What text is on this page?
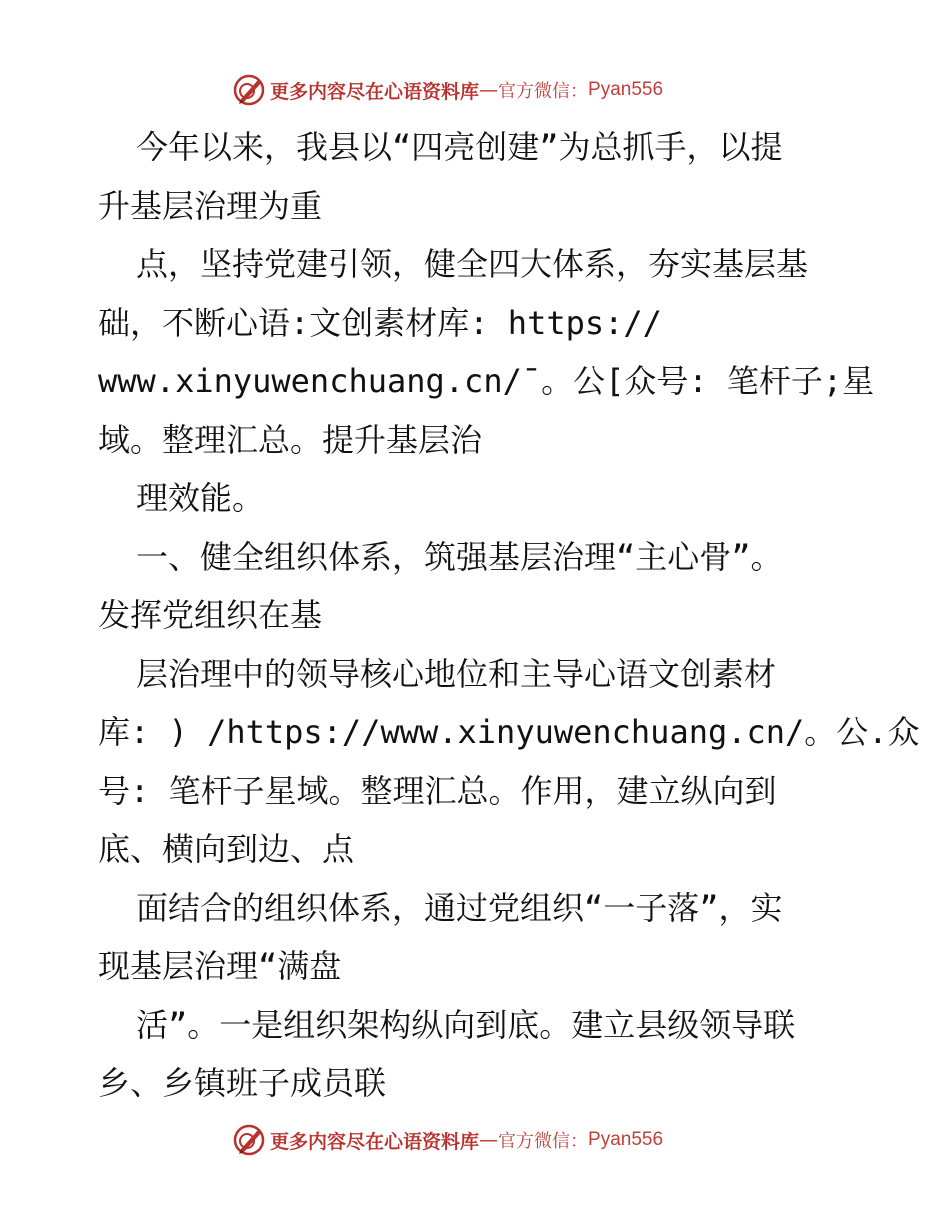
更多内容尽在心语资料库 — 官方微信： Pyan556
今年以来，我县以“四亮创建”为总抓手，以提
升基层治理为重
点，坚持党建引领，健全四大体系，夯实基层基
础，不断心语:文创素材库: https://
www.xinyuwenchuang.cn/¯。公[众号: 笔杆子;星
域。整理汇总。提升基层治
理效能。
一、健全组织体系，筑强基层治理“主心骨”。
发挥党组织在基
层治理中的领导核心地位和主导心语文创素材
库: ) /https://www.xinyuwenchuang.cn/。公.众
号: 笔杆子星域。整理汇总。作用，建立纵向到
底、横向到边、点
面结合的组织体系，通过党组织“一子落”，实
现基层治理“满盘
活”。一是组织架构纵向到底。建立县级领导联
乡、乡镇班子成员联
更多内容尽在心语资料库 — 官方微信： Pyan556
